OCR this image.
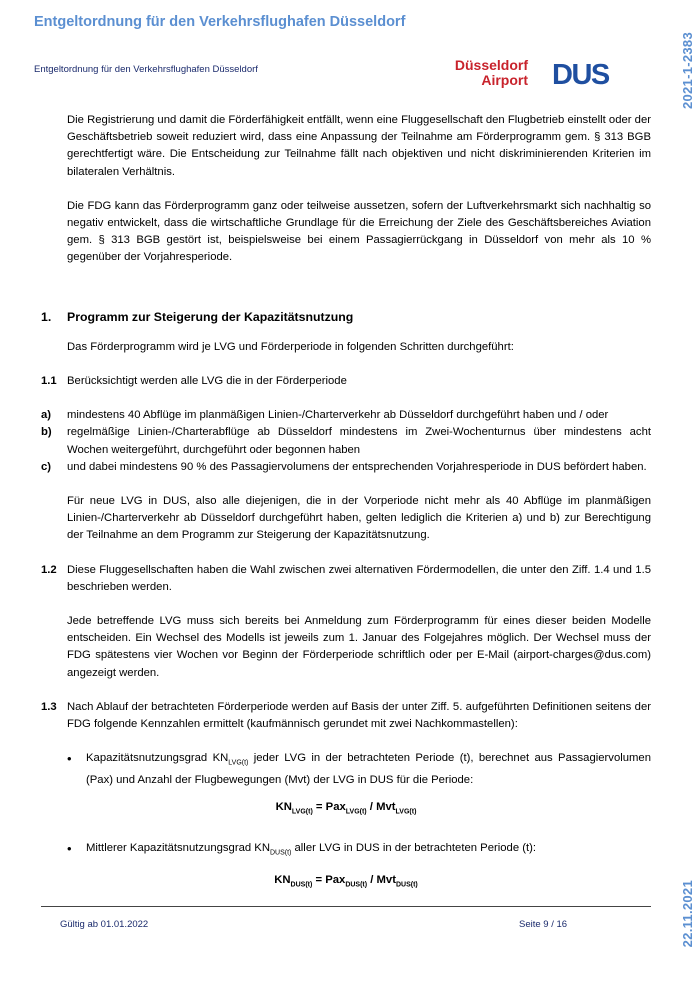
Entgeltordnung für den Verkehrsflughafen Düsseldorf
2021-1-2383
22.11.2021
Entgeltordnung für den Verkehrsflughafen Düsseldorf	Düsseldorf
Airport DUS

Die Registrierung und damit die Förderfähigkeit entfällt, wenn eine Fluggesellschaft den Flugbetrieb einstellt oder der Geschäftsbetrieb soweit reduziert wird, dass eine Anpassung der Teilnahme am Förderprogramm gem. § 313 BGB gerechtfertigt wäre. Die Entscheidung zur Teilnahme fällt nach objektiven und nicht diskriminierenden Kriterien im bilateralen Verhältnis.

Die FDG kann das Förderprogramm ganz oder teilweise aussetzen, sofern der Luftverkehrsmarkt sich nachhaltig so negativ entwickelt, dass die wirtschaftliche Grundlage für die Erreichung der Ziele des Geschäftsbereiches Aviation gem. § 313 BGB gestört ist, beispielsweise bei einem Passagierrückgang in Düsseldorf von mehr als 10 % gegenüber der Vorjahresperiode.

1.	Programm zur Steigerung der Kapazitätsnutzung

Das Förderprogramm wird je LVG und Förderperiode in folgenden Schritten durchgeführt:

1.1 Berücksichtigt werden alle LVG die in der Förderperiode
a)	mindestens 40 Abflüge im planmäßigen Linien-/Charterverkehr ab Düsseldorf durchgeführt haben und / oder
b)	regelmäßige Linien-/Charterabflüge ab Düsseldorf mindestens im Zwei-Wochenturnus über mindestens acht Wochen weitergeführt, durchgeführt oder begonnen haben
c)	und dabei mindestens 90 % des Passagiervolumens der entsprechenden Vorjahresperiode in DUS befördert haben.

Für neue LVG in DUS, also alle diejenigen, die in der Vorperiode nicht mehr als 40 Abflüge im planmäßigen Linien-/Charterverkehr ab Düsseldorf durchgeführt haben, gelten lediglich die Kriterien a) und b) zur Berechtigung der Teilnahme an dem Programm zur Steigerung der Kapazitätsnutzung.

1.2 Diese Fluggesellschaften haben die Wahl zwischen zwei alternativen Fördermodellen, die unter den Ziff. 1.4 und 1.5 beschrieben werden.

Jede betreffende LVG muss sich bereits bei Anmeldung zum Förderprogramm für eines dieser beiden Modelle entscheiden. Ein Wechsel des Modells ist jeweils zum 1. Januar des Folgejahres möglich. Der Wechsel muss der FDG spätestens vier Wochen vor Beginn der Förderperiode schriftlich oder per E-Mail (airport-charges@dus.com) angezeigt werden.

1.3 Nach Ablauf der betrachteten Förderperiode werden auf Basis der unter Ziff. 5. aufgeführten Definitionen seitens der FDG folgende Kennzahlen ermittelt (kaufmännisch gerundet mit zwei Nachkommastellen):
•	Kapazitätsnutzungsgrad $KN_{LVG(t)}$ jeder LVG in der betrachteten Periode (t), berechnet aus Passagiervolumen (Pax) und Anzahl der Flugbewegungen (Mvt) der LVG in DUS für die Periode:
$KN_{LVG(t)} = Pax_{LVG(t)} / Mvt_{LVG(t)}$
•	Mittlerer Kapazitätsnutzungsgrad $KN_{DUS(t)}$ aller LVG in DUS in der betrachteten Periode (t):
$KN_{DUS(t)} = Pax_{DUS(t)} / Mvt_{DUS(t)}$
Gültig ab 01.01.2022	Seite 9 / 16
